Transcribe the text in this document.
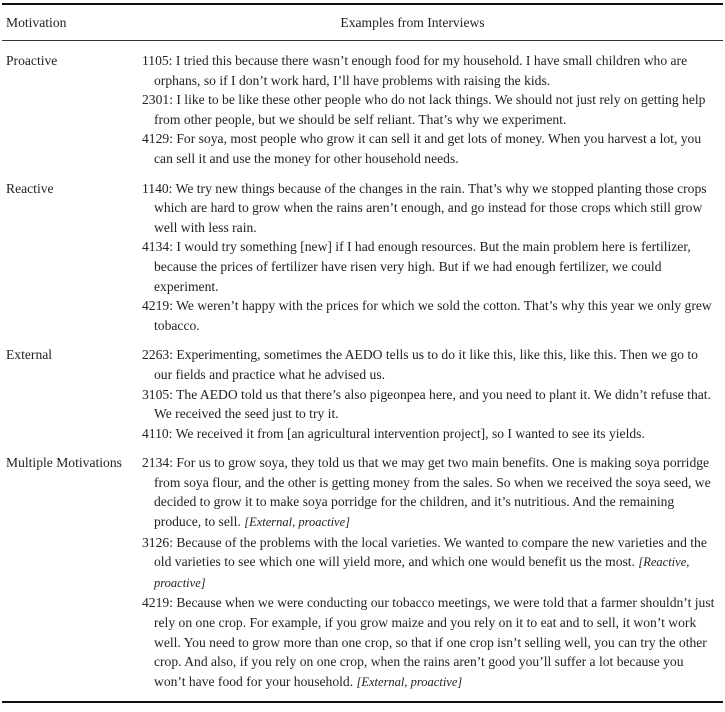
Motivation	Examples from Interviews
Proactive	1105: I tried this because there wasn’t enough food for my household. I have small children who are orphans, so if I don’t work hard, I’ll have problems with raising the kids.
2301: I like to be like these other people who do not lack things. We should not just rely on getting help from other people, but we should be self reliant. That’s why we experiment.
4129: For soya, most people who grow it can sell it and get lots of money. When you harvest a lot, you can sell it and use the money for other household needs.
Reactive	1140: We try new things because of the changes in the rain. That’s why we stopped planting those crops which are hard to grow when the rains aren’t enough, and go instead for those crops which still grow well with less rain.
4134: I would try something [new] if I had enough resources. But the main problem here is fertilizer, because the prices of fertilizer have risen very high. But if we had enough fertilizer, we could experiment.
4219: We weren’t happy with the prices for which we sold the cotton. That’s why this year we only grew tobacco.
External	2263: Experimenting, sometimes the AEDO tells us to do it like this, like this, like this. Then we go to our fields and practice what he advised us.
3105: The AEDO told us that there’s also pigeonpea here, and you need to plant it. We didn’t refuse that. We received the seed just to try it.
4110: We received it from [an agricultural intervention project], so I wanted to see its yields.
Multiple Motivations	2134: For us to grow soya, they told us that we may get two main benefits. One is making soya porridge from soya flour, and the other is getting money from the sales. So when we received the soya seed, we decided to grow it to make soya porridge for the children, and it’s nutritious. And the remaining produce, to sell. [External, proactive]
3126: Because of the problems with the local varieties. We wanted to compare the new varieties and the old varieties to see which one will yield more, and which one would benefit us the most. [Reactive, proactive]
4219: Because when we were conducting our tobacco meetings, we were told that a farmer shouldn’t just rely on one crop. For example, if you grow maize and you rely on it to eat and to sell, it won’t work well. You need to grow more than one crop, so that if one crop isn’t selling well, you can try the other crop. And also, if you rely on one crop, when the rains aren’t good you’ll suffer a lot because you won’t have food for your household. [External, proactive]
